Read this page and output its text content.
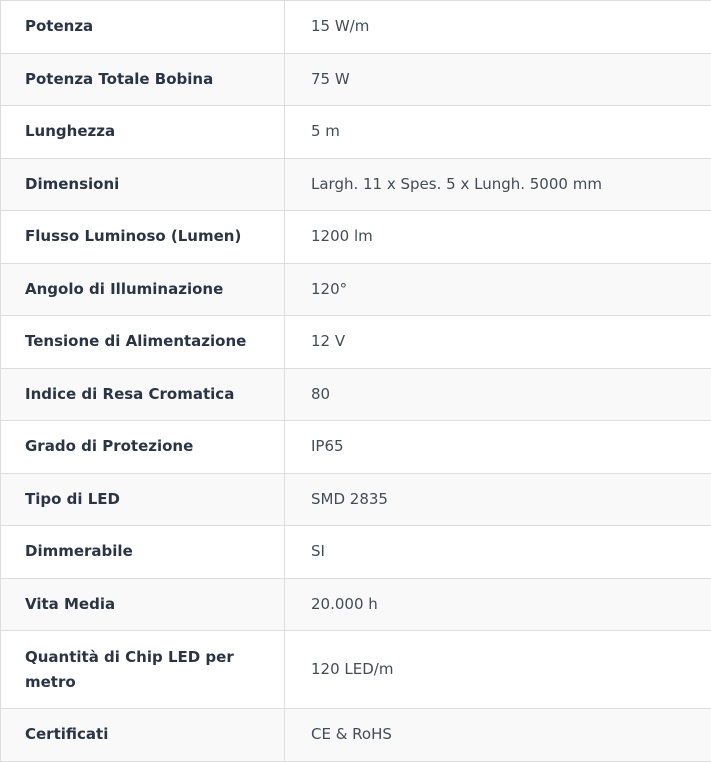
Potenza	15 W/m
Potenza Totale Bobina	75 W
Lunghezza	5 m
Dimensioni	Largh. 11 x Spes. 5 x Lungh. 5000 mm
Flusso Luminoso (Lumen)	1200 lm
Angolo di Illuminazione	120°
Tensione di Alimentazione	12 V
Indice di Resa Cromatica	80
Grado di Protezione	IP65
Tipo di LED	SMD 2835
Dimmerabile	SI
Vita Media	20.000 h
Quantità di Chip LED per metro	120 LED/m
Certificati	CE & RoHS
